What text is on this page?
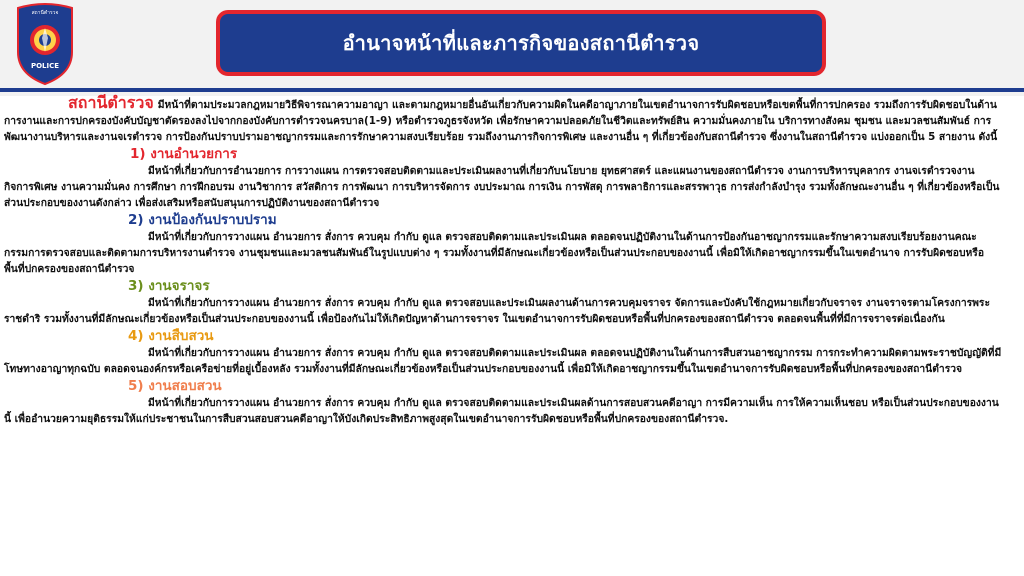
สถานีตำรวจ
POLICE
อำนาจหน้าที่และภารกิจของสถานีตำรวจ

สถานีตำรวจ มีหน้าที่ตามประมวลกฎหมายวิธีพิจารณาความอาญา และตามกฎหมายอื่นอันเกี่ยวกับความผิดในคดีอาญาภายในเขตอำนาจการรับผิดชอบหรือเขตพื้นที่การปกครอง รวมถึงการรับผิดชอบในด้านการงานและการปกครองบังคับบัญชาตัดรองลงไปจากกองบังคับการตำรวจนครบาล(1-9) หรือตำรวจภูธรจังหวัด เพื่อรักษาความปลอดภัยในชีวิตและทรัพย์สิน ความมั่นคงภายใน บริการทางสังคม ชุมชน และมวลชนสัมพันธ์ การพัฒนางานบริหารและงานจเรตำรวจ การป้องกันปราบปรามอาชญากรรมและการรักษาความสงบเรียบร้อย รวมถึงงานภารกิจการพิเศษ และงานอื่น ๆ ที่เกี่ยวข้องกับสถานีตำรวจ ซึ่งงานในสถานีตำรวจ แบ่งออกเป็น 5 สายงาน ดังนี้

1) งานอำนวยการ

มีหน้าที่เกี่ยวกับการอำนวยการ การวางแผน การตรวจสอบติดตามและประเมินผลงานที่เกี่ยวกับนโยบาย ยุทธศาสตร์ และแผนงานของสถานีตำรวจ งานการบริหารบุคลากร งานจเรตำรวจงานกิจการพิเศษ งานความมั่นคง การศึกษา การฝึกอบรม งานวิชาการ สวัสดิการ การพัฒนา การบริหารจัดการ งบประมาณ การเงิน การพัสดุ การพลาธิการและสรรพาวุธ การส่งกำลังบำรุง รวมทั้งลักษณะงานอื่น ๆ ที่เกี่ยวข้องหรือเป็นส่วนประกอบของงานดังกล่าว เพื่อส่งเสริมหรือสนับสนุนการปฏิบัติงานของสถานีตำรวจ

2) งานป้องกันปราบปราม

มีหน้าที่เกี่ยวกับการวางแผน อำนวยการ สั่งการ ควบคุม กำกับ ดูแล ตรวจสอบติดตามและประเมินผล ตลอดจนปฏิบัติงานในด้านการป้องกันอาชญากรรมและรักษาความสงบเรียบร้อยงานคณะกรรมการตรวจสอบและติดตามการบริหารงานตำรวจ งานชุมชนและมวลชนสัมพันธ์ในรูปแบบต่าง ๆ รวมทั้งงานที่มีลักษณะเกี่ยวข้องหรือเป็นส่วนประกอบของงานนี้ เพื่อมิให้เกิดอาชญากรรมขึ้นในเขตอำนาจ การรับผิดชอบหรือพื้นที่ปกครองของสถานีตำรวจ

3) งานจราจร

มีหน้าที่เกี่ยวกับการวางแผน อำนวยการ สั่งการ ควบคุม กำกับ ดูแล ตรวจสอบและประเมินผลงานด้านการควบคุมจราจร จัดการและบังคับใช้กฎหมายเกี่ยวกับจราจร งานจราจรตามโครงการพระราชดำริ รวมทั้งงานที่มีลักษณะเกี่ยวข้องหรือเป็นส่วนประกอบของงานนี้ เพื่อป้องกันไม่ให้เกิดปัญหาด้านการจราจร ในเขตอำนาจการรับผิดชอบหรือพื้นที่ปกครองของสถานีตำรวจ ตลอดจนพื้นที่ที่มีการจราจรต่อเนื่องกัน

4) งานสืบสวน

มีหน้าที่เกี่ยวกับการวางแผน อำนวยการ สั่งการ ควบคุม กำกับ ดูแล ตรวจสอบติดตามและประเมินผล ตลอดจนปฏิบัติงานในด้านการสืบสวนอาชญากรรม การกระทำความผิดตามพระราชบัญญัติที่มีโทษทางอาญาทุกฉบับ ตลอดจนองค์กรหรือเครือข่ายที่อยู่เบื้องหลัง รวมทั้งงานที่มีลักษณะเกี่ยวข้องหรือเป็นส่วนประกอบของงานนี้ เพื่อมิให้เกิดอาชญากรรมขึ้นในเขตอำนาจการรับผิดชอบหรือพื้นที่ปกครองของสถานีตำรวจ

5) งานสอบสวน

มีหน้าที่เกี่ยวกับการวางแผน อำนวยการ สั่งการ ควบคุม กำกับ ดูแล ตรวจสอบติดตามและประเมินผลด้านการสอบสวนคดีอาญา การมีความเห็น การให้ความเห็นชอบ หรือเป็นส่วนประกอบของงานนี้ เพื่ออำนวยความยุติธรรมให้แก่ประชาชนในการสืบสวนสอบสวนคดีอาญาให้บังเกิดประสิทธิภาพสูงสุดในเขตอำนาจการรับผิดชอบหรือพื้นที่ปกครองของสถานีตำรวจ.
